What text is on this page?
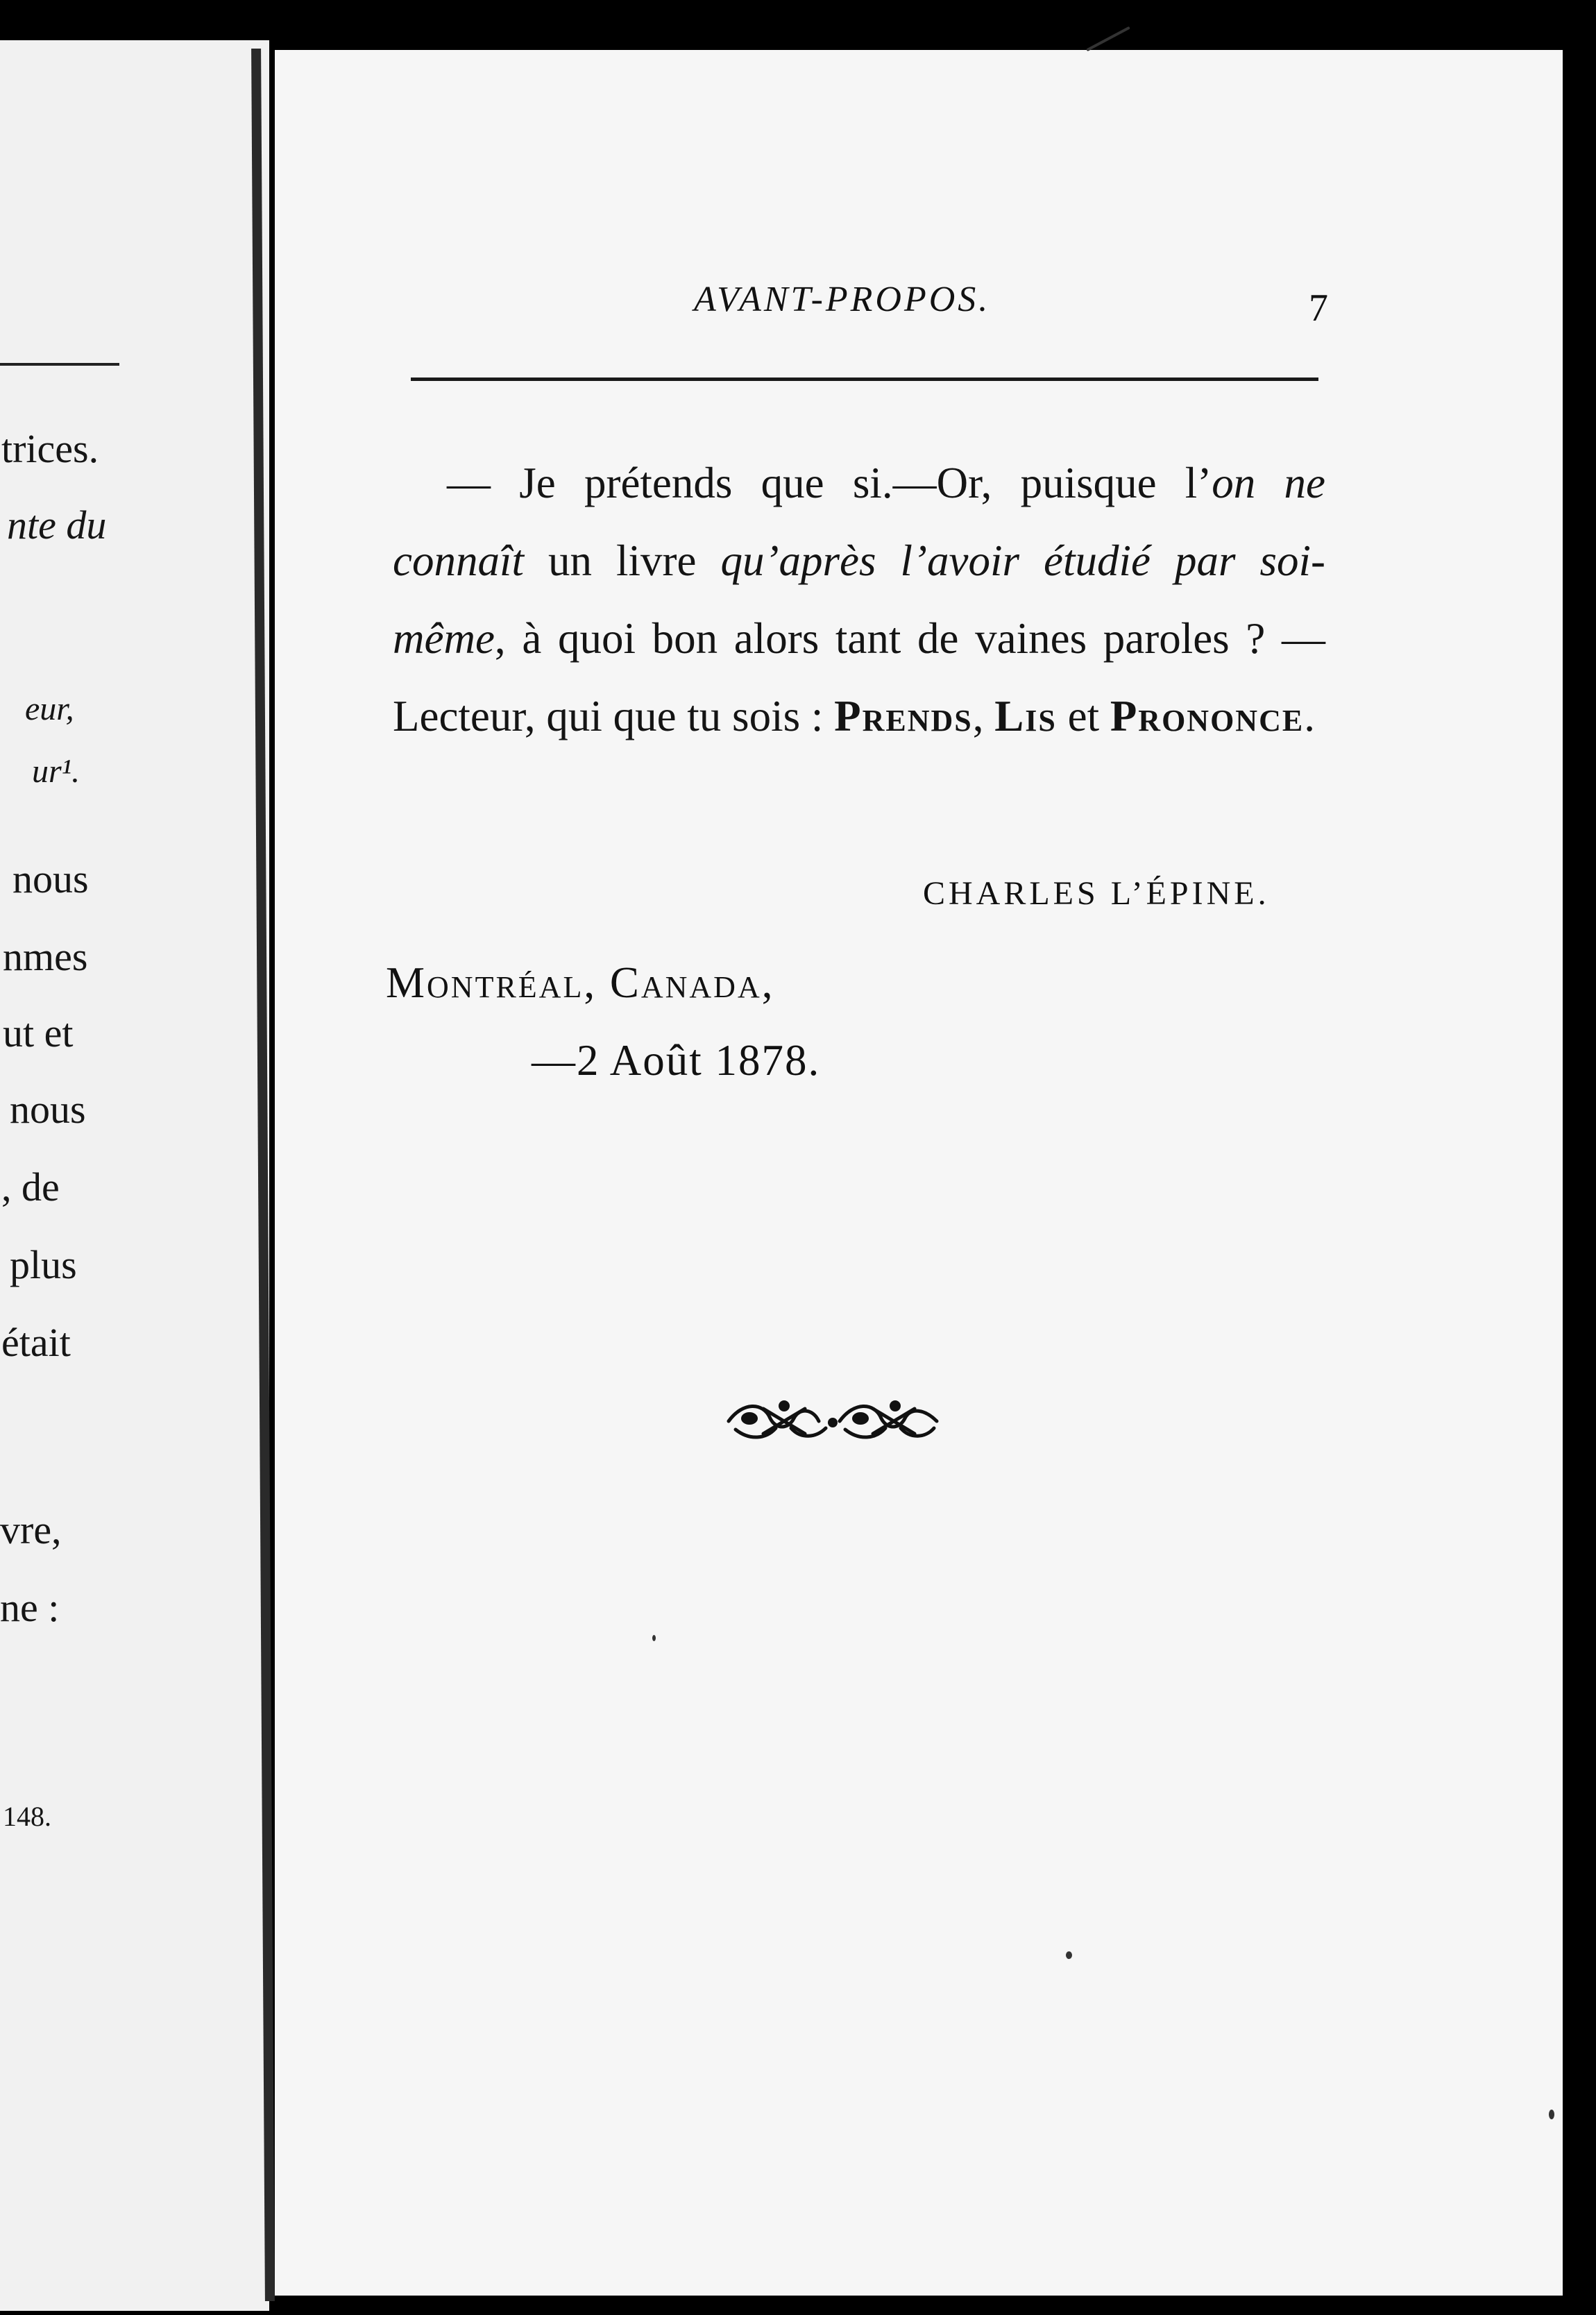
trices.
nte du
eur,
ur¹.
nous
nmes
ut et
nous
, de
plus
était
vre,
ne :
148.
AVANT-PROPOS.	7

— Je prétends que si.—Or, puisque l’on ne connaît un livre qu’après l’avoir étudié par soi-même, à quoi bon alors tant de vaines paroles ? — Lecteur, qui que tu sois : Prends, Lis et Prononce.

CHARLES L’ÉPINE.
Montréal, Canada,
—2 Août 1878.
